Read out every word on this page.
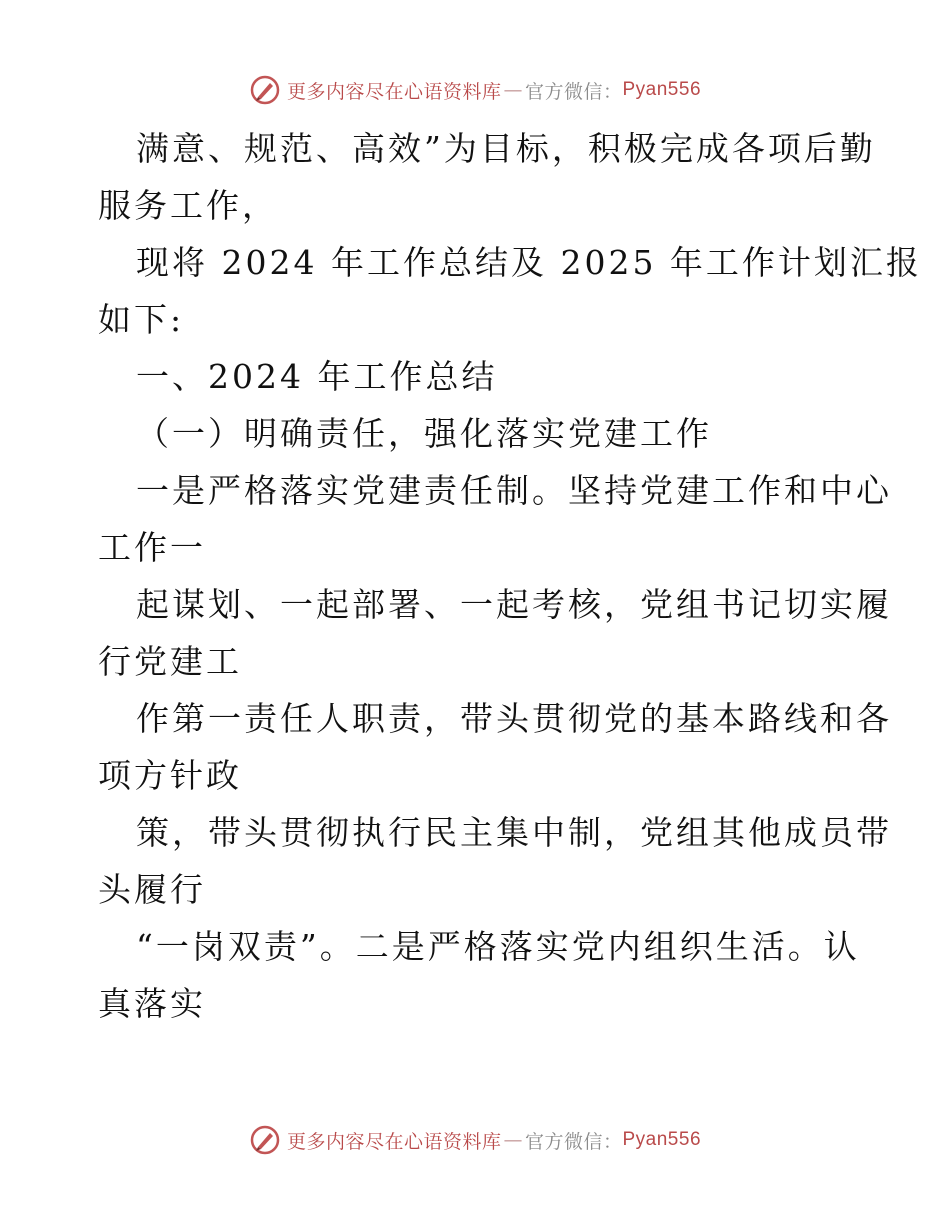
更多内容尽在心语资料库 — 官方微信： Pyan556
满意、规范、高效”为目标，积极完成各项后勤
服务工作，
现将 2024 年工作总结及 2025 年工作计划汇报
如下:
一、2024 年工作总结
（一）明确责任，强化落实党建工作
一是严格落实党建责任制。坚持党建工作和中心
工作一
起谋划、一起部署、一起考核，党组书记切实履
行党建工
作第一责任人职责，带头贯彻党的基本路线和各
项方针政
策，带头贯彻执行民主集中制，党组其他成员带
头履行
“一岗双责”。二是严格落实党内组织生活。认
真落实
更多内容尽在心语资料库 — 官方微信： Pyan556
